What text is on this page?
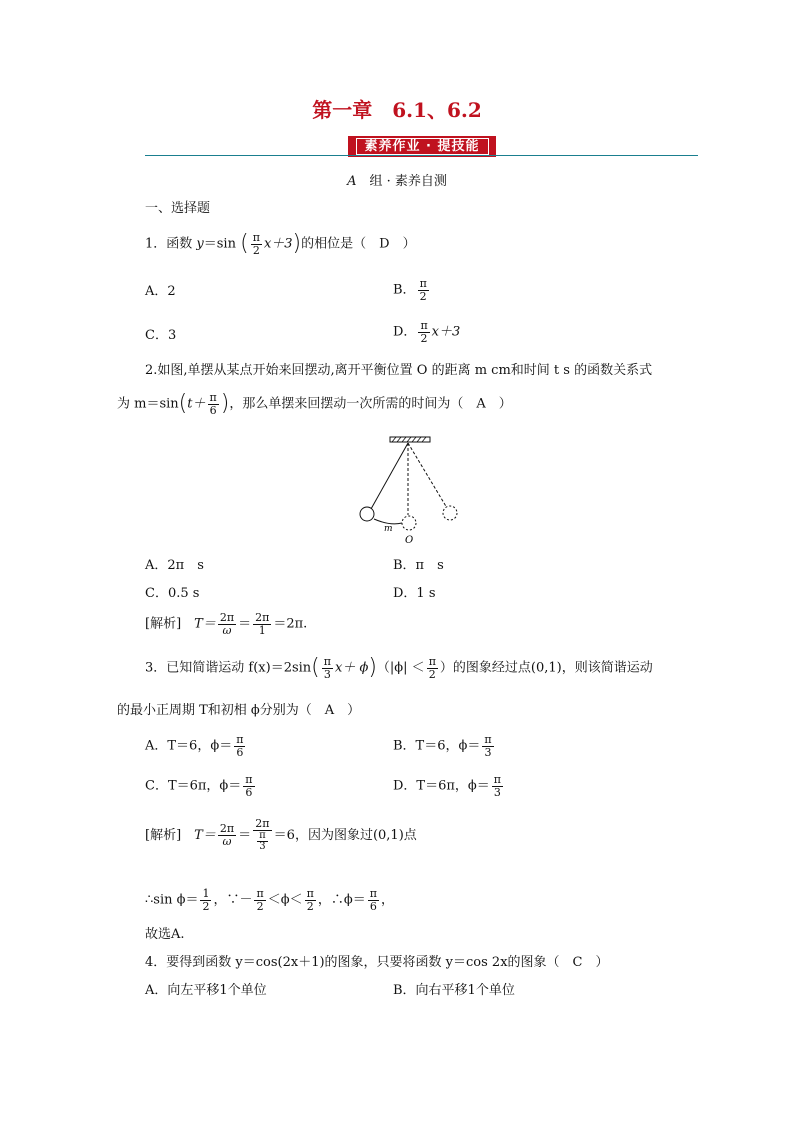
第一章　6.1、6.2
素养作业 · 提技能
A　 组 · 素养自测
一、选择题
1．函数 y＝sin ( $\frac{\pi}{2} x+3$)的相位是（　D　）
A．2	B． $\frac{\pi}{2}$
C．3	D． $\frac{\pi}{2} x+3$
2.如图,单摆从某点开始来回摆动,离开平衡位置 O 的距离 m cm和时间 t s 的函数关系式
为 $m=\sin(t+ \frac{\pi}{6}$ )，那么单摆来回摆动一次所需的时间为（　A　）
m
O
A．2π　s	B．π　s
C．0.5 s	D．1 s
[解析]　 $T= \frac{2\pi}{\omega} = \frac{2\pi}{1} =2\pi$.
3．已知简谐运动 $f(x)=2\sin( \frac{\pi}{3} x+ \phi)(|\phi| < \frac{\pi}{2}$ ）的图象经过点(0,1)，则该简谐运动
的最小正周期 T和初相 ϕ分别为（　A　）
A．T＝6，$\phi= \frac{\pi}{6}$	B．T＝6，$\phi= \frac{\pi}{3}$
C．T＝6π，$\phi= \frac{\pi}{6}$	D．T＝6π，$\phi= \frac{\pi}{3}$
[解析]　 $T= \frac{2\pi}{\omega} = \frac{2\pi}{\frac{\pi}{3}} =6$，因为图象过(0,1)点
∴sin $\phi= \frac{1}{2}$ ，∵－ $\frac{\pi}{2} <\phi< \frac{\pi}{2}$ ，∴ϕ＝ $\frac{\pi}{6}$ ，
故选A.
4．要得到函数 y＝cos(2x＋1)的图象，只要将函数 y＝cos 2x的图象（　C　）
A．向左平移1个单位	B．向右平移1个单位
